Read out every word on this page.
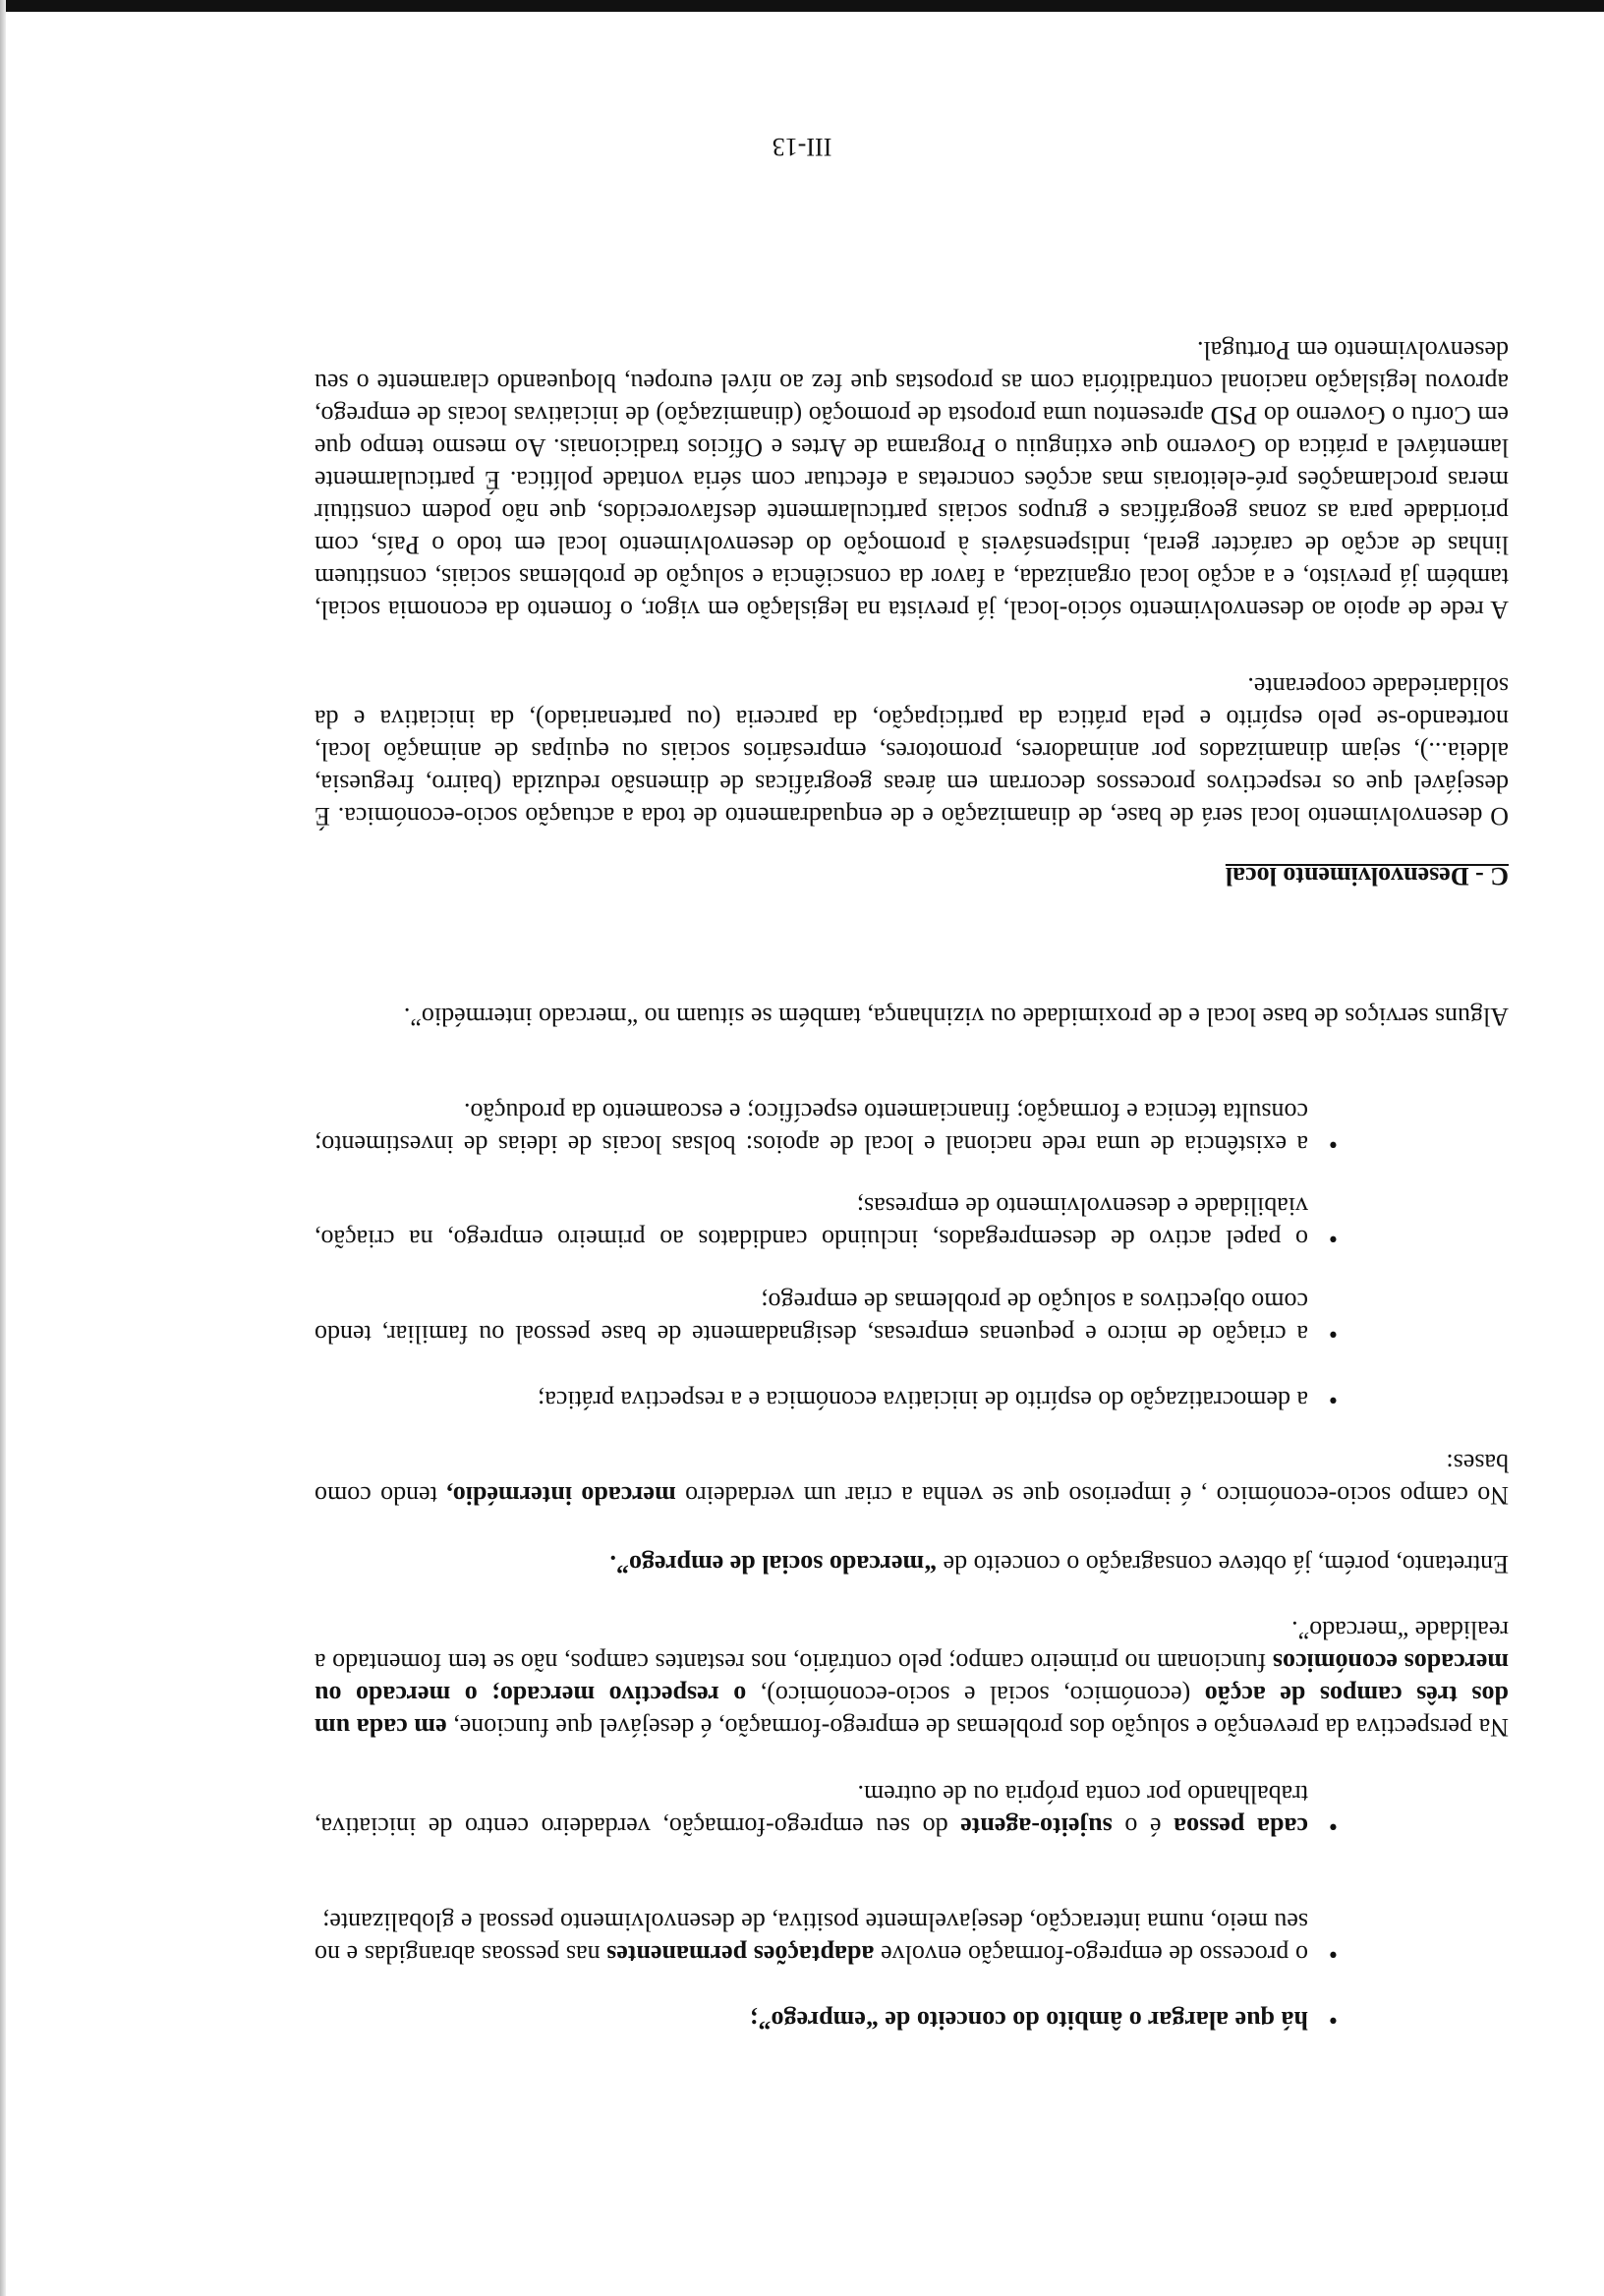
• há que alargar o âmbito do conceito de “emprego”;
• o processo de emprego-formação envolve adaptações permanentes nas pessoas abrangidas e no seu meio, numa interacção, desejavelmente positiva, de desenvolvimento pessoal e globalizante;
• cada pessoa é o sujeito-agente do seu emprego-formação, verdadeiro centro de iniciativa, trabalhando por conta própria ou de outrem.
Na perspectiva da prevenção e solução dos problemas de emprego-formação, é desejável que funcione, em cada um dos três campos de acção (económico, social e socio-económico), o respectivo mercado; o mercado ou mercados económicos funcionam no primeiro campo; pelo contrário, nos restantes campos, não se tem fomentado a realidade “mercado”.
Entretanto, porém, já obteve consagração o conceito de “mercado social de emprego”.
No campo socio-económico , é imperioso que se venha a criar um verdadeiro mercado intermédio, tendo como bases:
• a democratização do espírito de iniciativa económica e a respectiva prática;
• a criação de micro e pequenas empresas, designadamente de base pessoal ou familiar, tendo como objectivos a solução de problemas de emprego;
• o papel activo de desempregados, incluindo candidatos ao primeiro emprego, na criação, viabilidade e desenvolvimento de empresas;
• a existência de uma rede nacional e local de apoios: bolsas locais de ideias de investimento; consulta técnica e formação; financiamento específico; e escoamento da produção.
Alguns serviços de base local e de proximidade ou vizinhança, também se situam no “mercado intermédio”.
C - Desenvolvimento local
O desenvolvimento local será de base, de dinamização e de enquadramento de toda a actuação socio-económica. É desejável que os respectivos processos decorram em áreas geográficas de dimensão reduzida (bairro, freguesia, aldeia...), sejam dinamizados por animadores, promotores, empresários sociais ou equipas de animação local, norteando-se pelo espírito e pela prática da participação, da parceria (ou partenariado), da iniciativa e da solidariedade cooperante.
A rede de apoio ao desenvolvimento sócio-local, já prevista na legislação em vigor, o fomento da economia social, também já previsto, e a acção local organizada, a favor da consciência e solução de problemas sociais, constituem linhas de acção de carácter geral, indispensáveis à promoção do desenvolvimento local em todo o País, com prioridade para as zonas geográficas e grupos sociais particularmente desfavorecidos, que não podem constituir meras proclamações pré-eleitorais mas acções concretas a efectuar com séria vontade política. É particularmente lamentável a prática do Governo que extinguiu o Programa de Artes e Ofícios tradicionais. Ao mesmo tempo que em Corfu o Governo do PSD apresentou uma proposta de promoção (dinamização) de iniciativas locais de emprego, aprovou legislação nacional contraditória com as propostas que fez ao nível europeu, bloqueando claramente o seu desenvolvimento em Portugal.
III-13
